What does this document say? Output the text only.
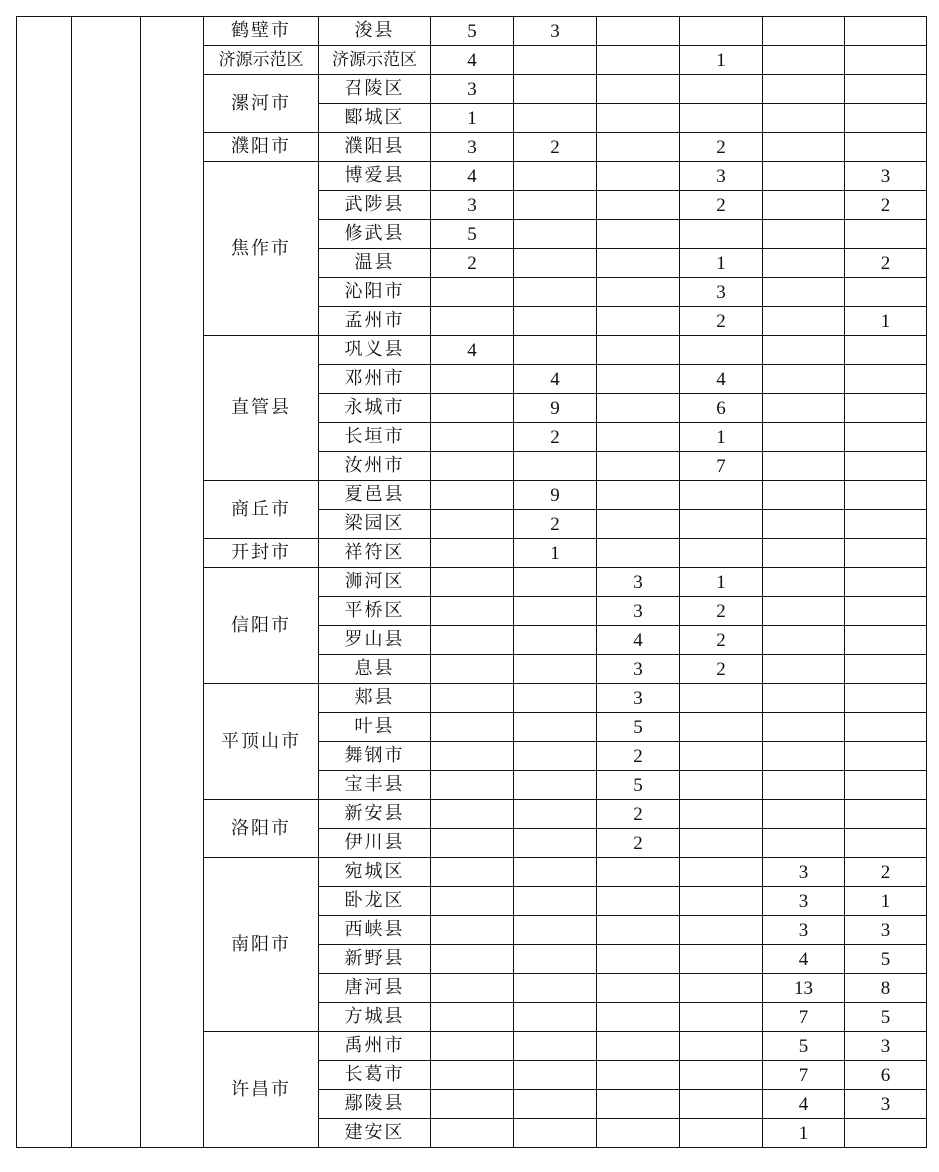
			鹤壁市	浚县	5	3				
			济源示范区	济源示范区	4			1		
			漯河市	召陵区	3					
				郾城区	1					
			濮阳市	濮阳县	3	2		2		
			焦作市	博爱县	4			3		3
				武陟县	3			2		2
				修武县	5					
				温县	2			1		2
				沁阳市				3		
				孟州市				2		1
			直管县	巩义县	4					
				邓州市		4		4		
				永城市		9		6		
				长垣市		2		1		
				汝州市				7		
			商丘市	夏邑县		9				
				梁园区		2				
			开封市	祥符区		1				
			信阳市	浉河区			3	1		
				平桥区			3	2		
				罗山县			4	2		
				息县			3	2		
			平顶山市	郏县			3			
				叶县			5			
				舞钢市			2			
				宝丰县			5			
			洛阳市	新安县			2			
				伊川县			2			
			南阳市	宛城区					3	2
				卧龙区					3	1
				西峡县					3	3
				新野县					4	5
				唐河县					13	8
				方城县					7	5
			许昌市	禹州市					5	3
				长葛市					7	6
				鄢陵县					4	3
				建安区					1	
